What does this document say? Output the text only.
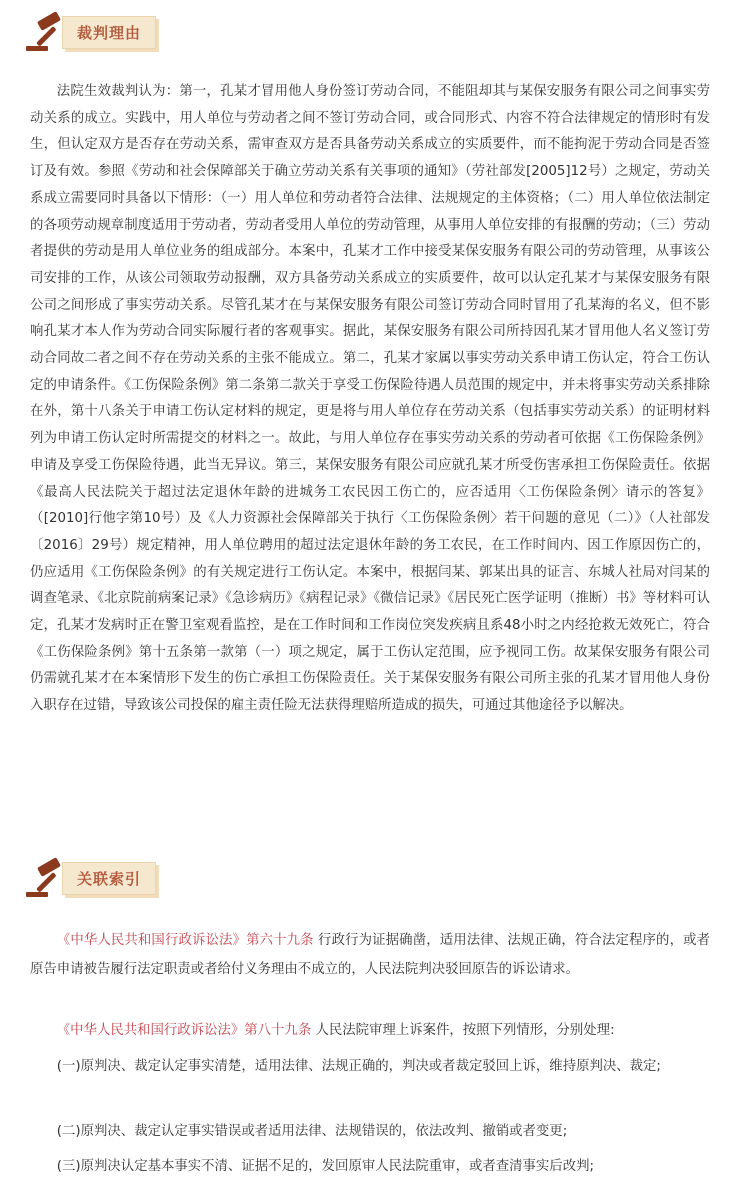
裁判理由

法院生效裁判认为：第一，孔某才冒用他人身份签订劳动合同，不能阻却其与某保安服务有限公司之间事实劳动关系的成立。实践中，用人单位与劳动者之间不签订劳动合同，或合同形式、内容不符合法律规定的情形时有发生，但认定双方是否存在劳动关系，需审查双方是否具备劳动关系成立的实质要件，而不能拘泥于劳动合同是否签订及有效。参照《劳动和社会保障部关于确立劳动关系有关事项的通知》（劳社部发[2005]12号）之规定，劳动关系成立需要同时具备以下情形：（一）用人单位和劳动者符合法律、法规规定的主体资格；（二）用人单位依法制定的各项劳动规章制度适用于劳动者，劳动者受用人单位的劳动管理，从事用人单位安排的有报酬的劳动；（三）劳动者提供的劳动是用人单位业务的组成部分。本案中，孔某才工作中接受某保安服务有限公司的劳动管理，从事该公司安排的工作，从该公司领取劳动报酬，双方具备劳动关系成立的实质要件，故可以认定孔某才与某保安服务有限公司之间形成了事实劳动关系。尽管孔某才在与某保安服务有限公司签订劳动合同时冒用了孔某海的名义，但不影响孔某才本人作为劳动合同实际履行者的客观事实。据此，某保安服务有限公司所持因孔某才冒用他人名义签订劳动合同故二者之间不存在劳动关系的主张不能成立。第二，孔某才家属以事实劳动关系申请工伤认定，符合工伤认定的申请条件。《工伤保险条例》第二条第二款关于享受工伤保险待遇人员范围的规定中，并未将事实劳动关系排除在外，第十八条关于申请工伤认定材料的规定，更是将与用人单位存在劳动关系（包括事实劳动关系）的证明材料列为申请工伤认定时所需提交的材料之一。故此，与用人单位存在事实劳动关系的劳动者可依据《工伤保险条例》申请及享受工伤保险待遇，此当无异议。第三，某保安服务有限公司应就孔某才所受伤害承担工伤保险责任。依据《最高人民法院关于超过法定退休年龄的进城务工农民因工伤亡的，应否适用〈工伤保险条例〉请示的答复》（[2010]行他字第10号）及《人力资源社会保障部关于执行〈工伤保险条例〉若干问题的意见（二）》（人社部发〔2016〕29号）规定精神，用人单位聘用的超过法定退休年龄的务工农民，在工作时间内、因工作原因伤亡的，仍应适用《工伤保险条例》的有关规定进行工伤认定。本案中，根据闫某、郭某出具的证言、东城人社局对闫某的调查笔录、《北京院前病案记录》《急诊病历》《病程记录》《微信记录》《居民死亡医学证明（推断）书》等材料可认定，孔某才发病时正在警卫室观看监控，是在工作时间和工作岗位突发疾病且系48小时之内经抢救无效死亡，符合《工伤保险条例》第十五条第一款第（一）项之规定，属于工伤认定范围，应予视同工伤。故某保安服务有限公司仍需就孔某才在本案情形下发生的伤亡承担工伤保险责任。关于某保安服务有限公司所主张的孔某才冒用他人身份入职存在过错，导致该公司投保的雇主责任险无法获得理赔所造成的损失，可通过其他途径予以解决。

关联索引

《中华人民共和国行政诉讼法》第六十九条 行政行为证据确凿，适用法律、法规正确，符合法定程序的，或者原告申请被告履行法定职责或者给付义务理由不成立的，人民法院判决驳回原告的诉讼请求。

《中华人民共和国行政诉讼法》第八十九条 人民法院审理上诉案件，按照下列情形，分别处理:

(一)原判决、裁定认定事实清楚，适用法律、法规正确的，判决或者裁定驳回上诉，维持原判决、裁定;

(二)原判决、裁定认定事实错误或者适用法律、法规错误的，依法改判、撤销或者变更;

(三)原判决认定基本事实不清、证据不足的，发回原审人民法院重审，或者查清事实后改判;
